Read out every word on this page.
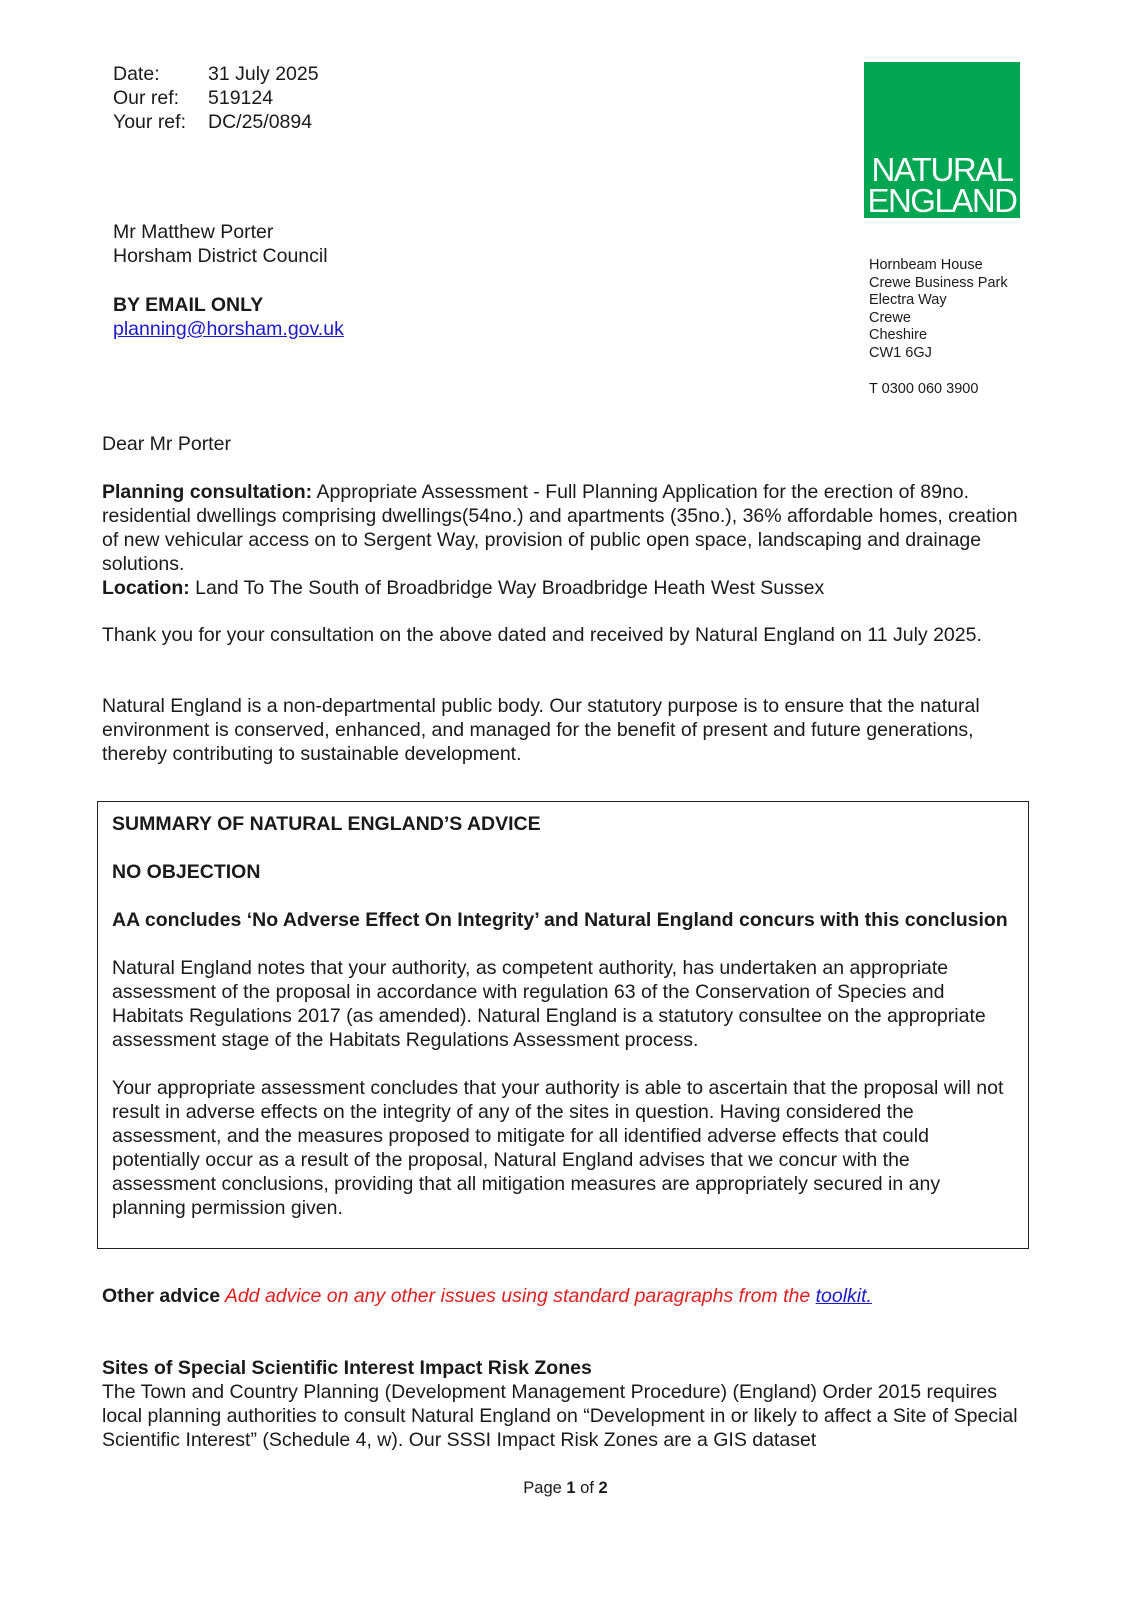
Date:	31 July 2025
Our ref:	519124
Your ref:	DC/25/0894
NATURAL
ENGLAND
Mr Matthew Porter
Horsham District Council
BY EMAIL ONLY
planning@horsham.gov.uk
Hornbeam House
Crewe Business Park
Electra Way
Crewe
Cheshire
CW1 6GJ
T 0300 060 3900
Dear Mr Porter
Planning consultation: Appropriate Assessment - Full Planning Application for the erection of 89no. residential dwellings comprising dwellings(54no.) and apartments (35no.), 36% affordable homes, creation of new vehicular access on to Sergent Way, provision of public open space, landscaping and drainage solutions.
Location: Land To The South of Broadbridge Way Broadbridge Heath West Sussex
Thank you for your consultation on the above dated and received by Natural England on 11 July 2025.
Natural England is a non-departmental public body. Our statutory purpose is to ensure that the natural environment is conserved, enhanced, and managed for the benefit of present and future generations, thereby contributing to sustainable development.

SUMMARY OF NATURAL ENGLAND’S ADVICE

NO OBJECTION

AA concludes ‘No Adverse Effect On Integrity’ and Natural England concurs with this conclusion

Natural England notes that your authority, as competent authority, has undertaken an appropriate assessment of the proposal in accordance with regulation 63 of the Conservation of Species and Habitats Regulations 2017 (as amended). Natural England is a statutory consultee on the appropriate assessment stage of the Habitats Regulations Assessment process.

Your appropriate assessment concludes that your authority is able to ascertain that the proposal will not result in adverse effects on the integrity of any of the sites in question. Having considered the assessment, and the measures proposed to mitigate for all identified adverse effects that could potentially occur as a result of the proposal, Natural England advises that we concur with the assessment conclusions, providing that all mitigation measures are appropriately secured in any planning permission given.

Other advice Add advice on any other issues using standard paragraphs from the toolkit.
Sites of Special Scientific Interest Impact Risk Zones
The Town and Country Planning (Development Management Procedure) (England) Order 2015 requires local planning authorities to consult Natural England on “Development in or likely to affect a Site of Special Scientific Interest” (Schedule 4, w). Our SSSI Impact Risk Zones are a GIS dataset
Page 1 of 2
